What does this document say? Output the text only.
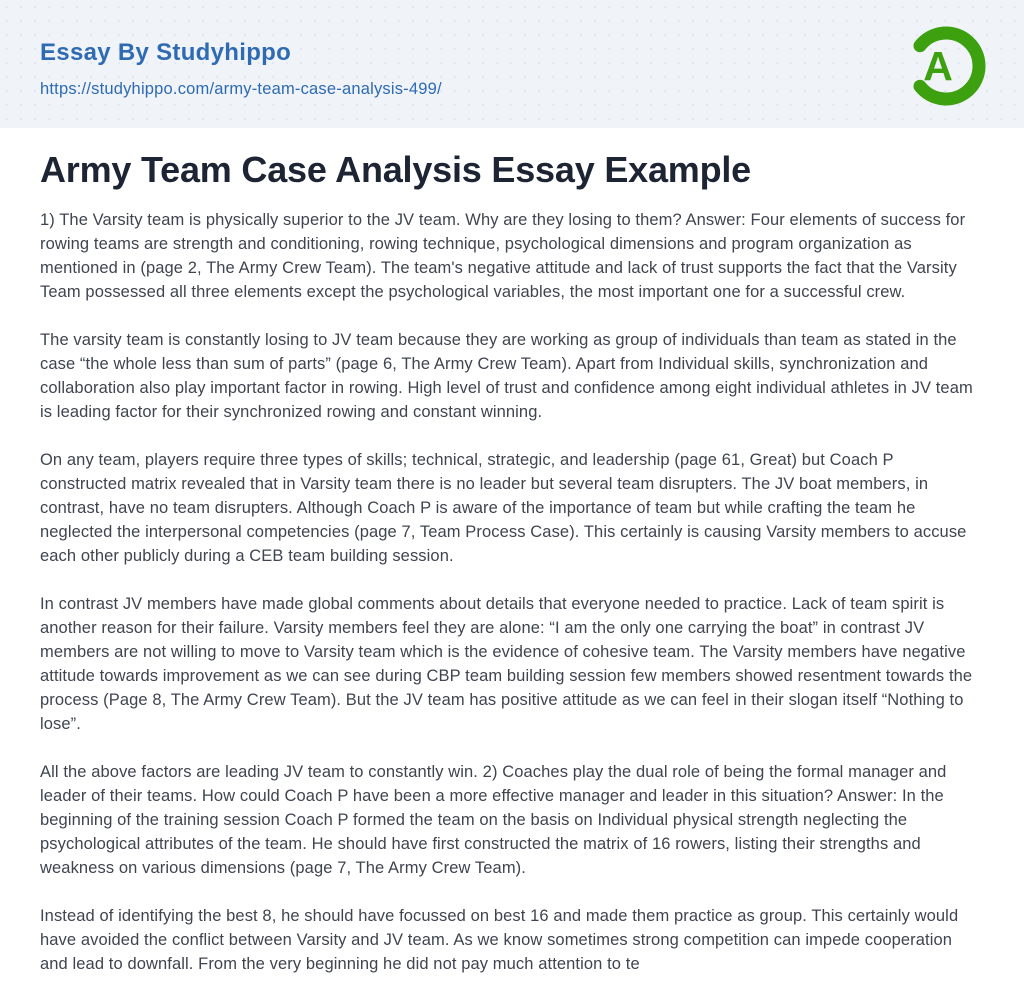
Essay By Studyhippo
https://studyhippo.com/army-team-case-analysis-499/
A
Army Team Case Analysis Essay Example

1) The Varsity team is physically superior to the JV team. Why are they losing to them? Answer: Four elements of success for rowing teams are strength and conditioning, rowing technique, psychological dimensions and program organization as mentioned in (page 2, The Army Crew Team). The team's negative attitude and lack of trust supports the fact that the Varsity Team possessed all three elements except the psychological variables, the most important one for a successful crew.

The varsity team is constantly losing to JV team because they are working as group of individuals than team as stated in the case “the whole less than sum of parts” (page 6, The Army Crew Team). Apart from Individual skills, synchronization and collaboration also play important factor in rowing. High level of trust and confidence among eight individual athletes in JV team is leading factor for their synchronized rowing and constant winning.

On any team, players require three types of skills; technical, strategic, and leadership (page 61, Great) but Coach P constructed matrix revealed that in Varsity team there is no leader but several team disrupters. The JV boat members, in contrast, have no team disrupters. Although Coach P is aware of the importance of team but while crafting the team he neglected the interpersonal competencies (page 7, Team Process Case). This certainly is causing Varsity members to accuse each other publicly during a CEB team building session.

In contrast JV members have made global comments about details that everyone needed to practice. Lack of team spirit is another reason for their failure. Varsity members feel they are alone: “I am the only one carrying the boat” in contrast JV members are not willing to move to Varsity team which is the evidence of cohesive team. The Varsity members have negative attitude towards improvement as we can see during CBP team building session few members showed resentment towards the process (Page 8, The Army Crew Team). But the JV team has positive attitude as we can feel in their slogan itself “Nothing to lose”.

All the above factors are leading JV team to constantly win. 2) Coaches play the dual role of being the formal manager and leader of their teams. How could Coach P have been a more effective manager and leader in this situation? Answer: In the beginning of the training session Coach P formed the team on the basis on Individual physical strength neglecting the psychological attributes of the team. He should have first constructed the matrix of 16 rowers, listing their strengths and weakness on various dimensions (page 7, The Army Crew Team).

Instead of identifying the best 8, he should have focussed on best 16 and made them practice as group. This certainly would have avoided the conflict between Varsity and JV team. As we know sometimes strong competition can impede cooperation and lead to downfall. From the very beginning he did not pay much attention to te
